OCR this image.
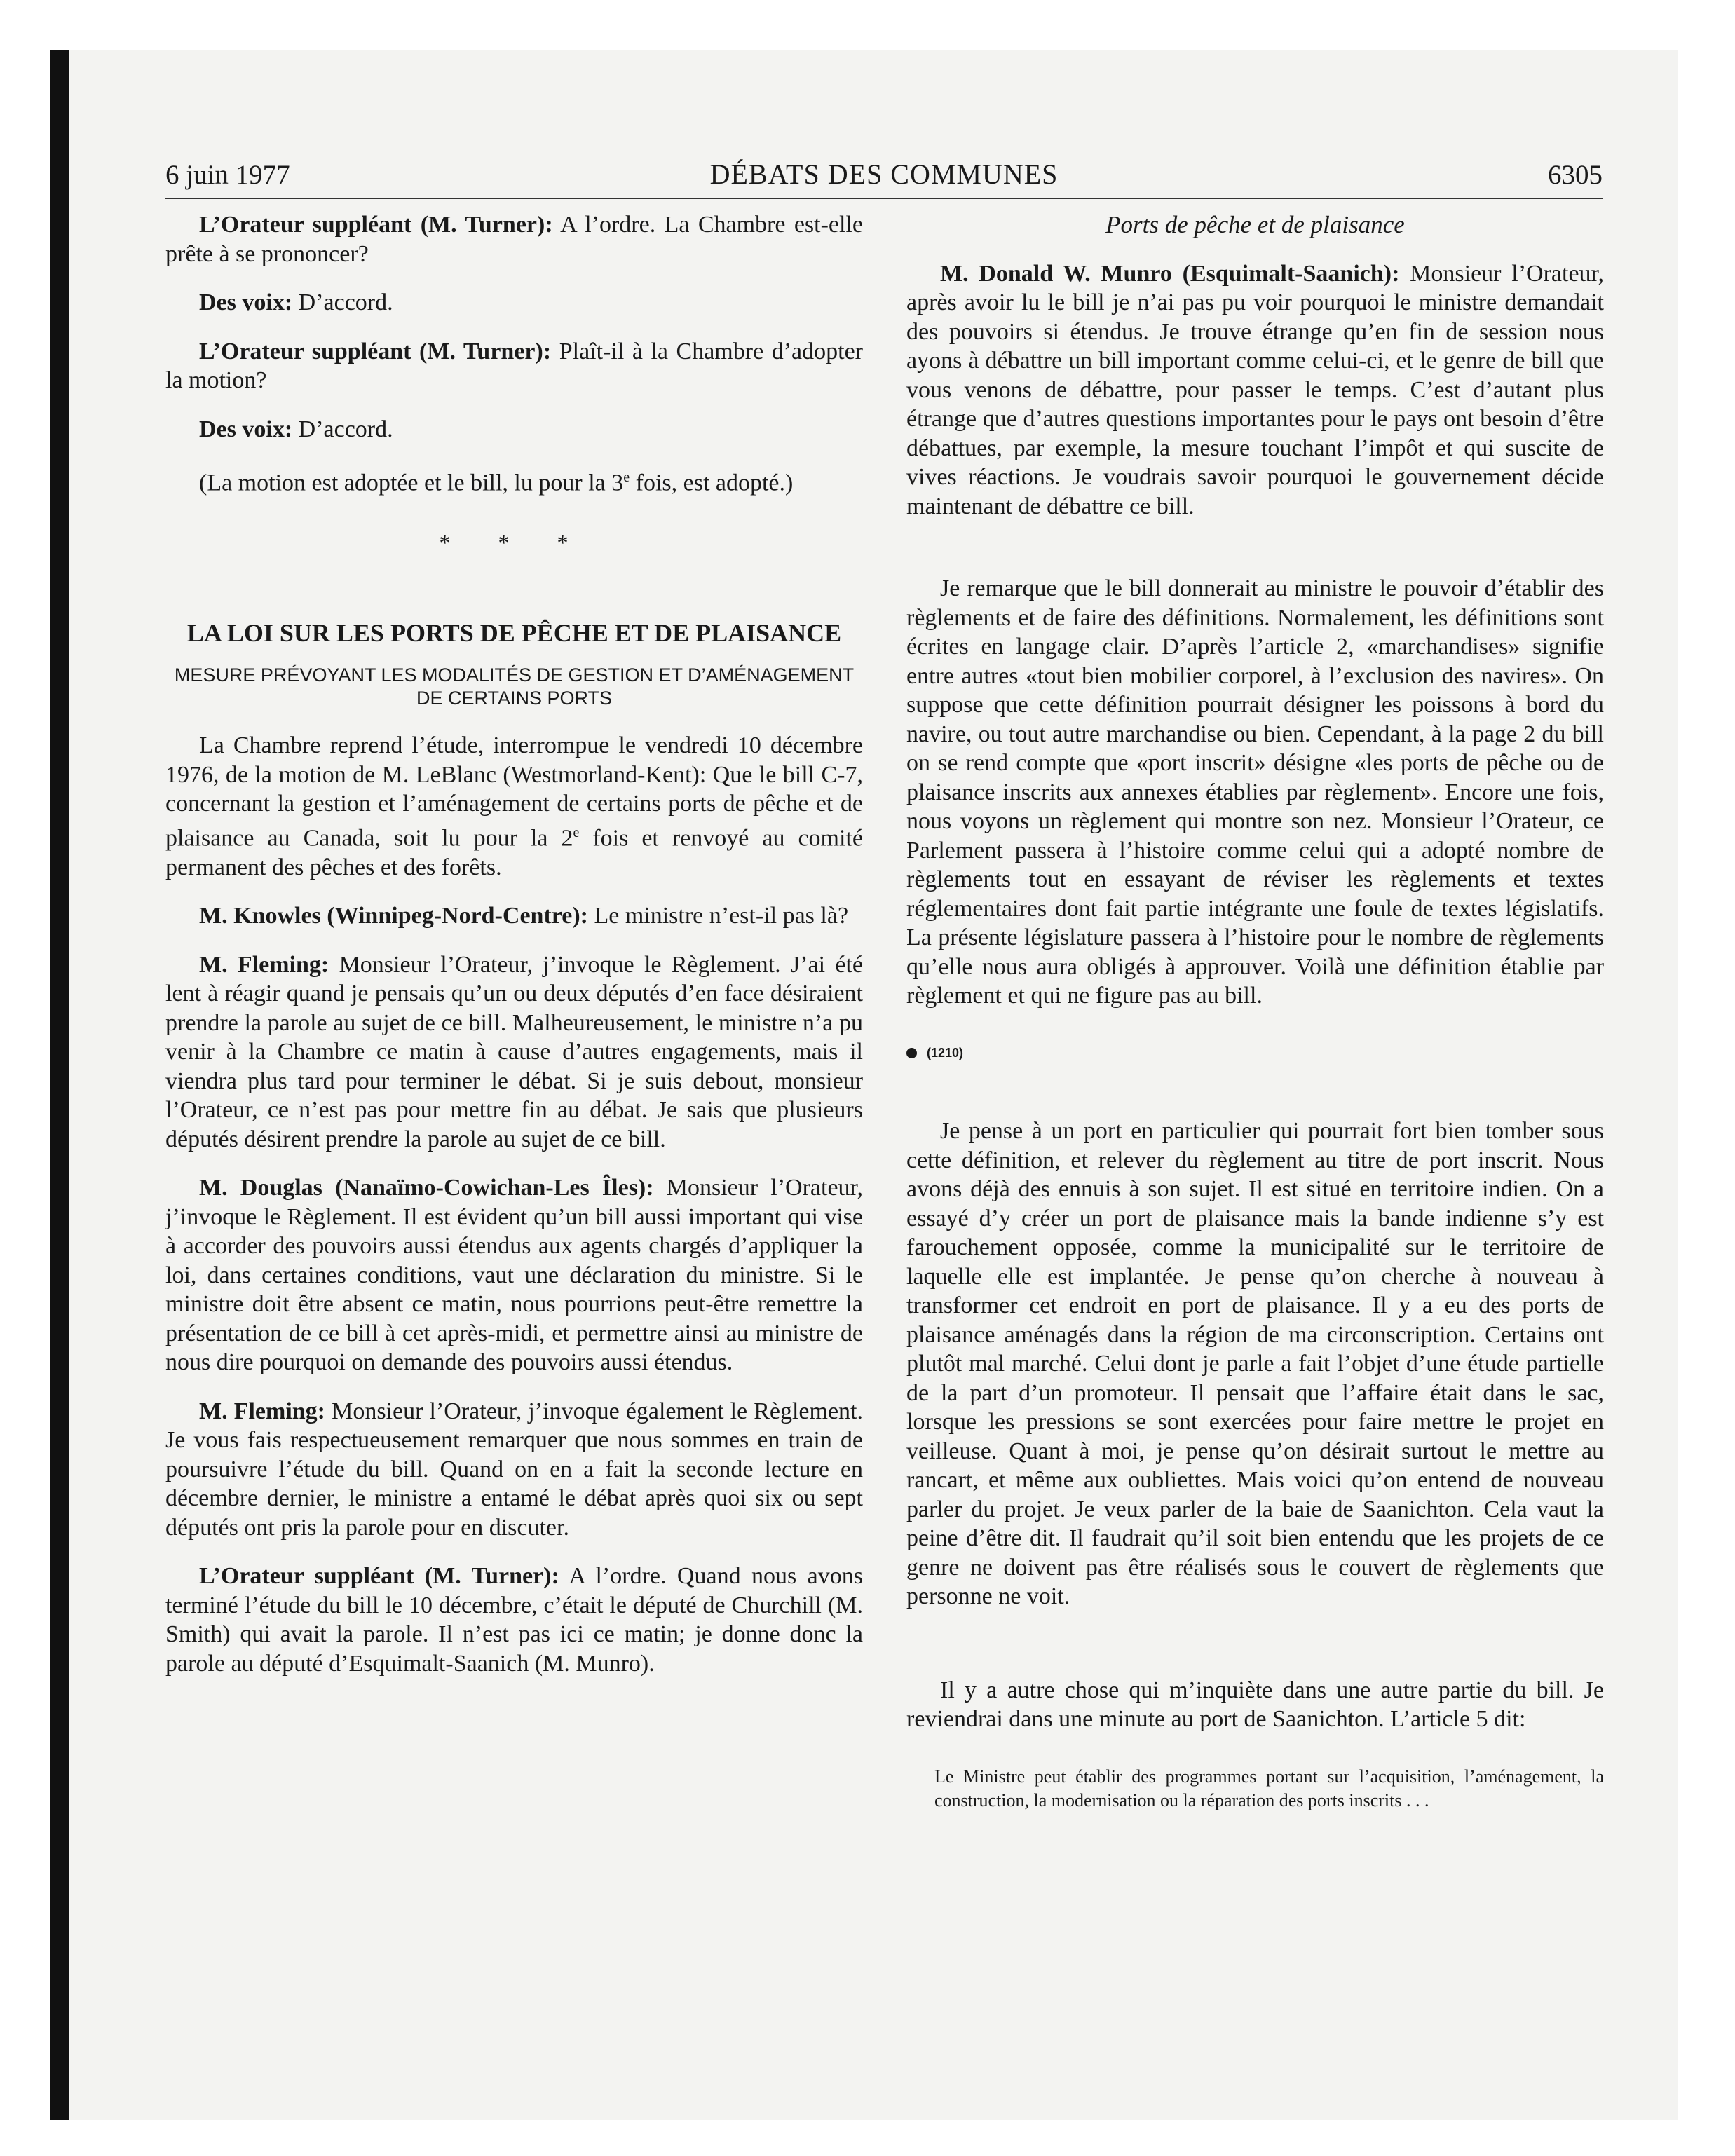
6 juin 1977	DÉBATS DES COMMUNES	6305

L’Orateur suppléant (M. Turner): A l’ordre. La Chambre est-elle prête à se prononcer?

Des voix: D’accord.

L’Orateur suppléant (M. Turner): Plaît-il à la Chambre d’adopter la motion?

Des voix: D’accord.

(La motion est adoptée et le bill, lu pour la 3e fois, est adopté.)

* * *
LA LOI SUR LES PORTS DE PÊCHE ET DE PLAISANCE
MESURE PRÉVOYANT LES MODALITÉS DE GESTION ET D’AMÉNAGEMENT DE CERTAINS PORTS

La Chambre reprend l’étude, interrompue le vendredi 10 décembre 1976, de la motion de M. LeBlanc (Westmorland-Kent): Que le bill C-7, concernant la gestion et l’aménagement de certains ports de pêche et de plaisance au Canada, soit lu pour la 2e fois et renvoyé au comité permanent des pêches et des forêts.

M. Knowles (Winnipeg-Nord-Centre): Le ministre n’est-il pas là?

M. Fleming: Monsieur l’Orateur, j’invoque le Règlement. J’ai été lent à réagir quand je pensais qu’un ou deux députés d’en face désiraient prendre la parole au sujet de ce bill. Malheureusement, le ministre n’a pu venir à la Chambre ce matin à cause d’autres engagements, mais il viendra plus tard pour terminer le débat. Si je suis debout, monsieur l’Orateur, ce n’est pas pour mettre fin au débat. Je sais que plusieurs députés désirent prendre la parole au sujet de ce bill.

M. Douglas (Nanaïmo-Cowichan-Les Îles): Monsieur l’Orateur, j’invoque le Règlement. Il est évident qu’un bill aussi important qui vise à accorder des pouvoirs aussi étendus aux agents chargés d’appliquer la loi, dans certaines conditions, vaut une déclaration du ministre. Si le ministre doit être absent ce matin, nous pourrions peut-être remettre la présentation de ce bill à cet après-midi, et permettre ainsi au ministre de nous dire pourquoi on demande des pouvoirs aussi étendus.

M. Fleming: Monsieur l’Orateur, j’invoque également le Règlement. Je vous fais respectueusement remarquer que nous sommes en train de poursuivre l’étude du bill. Quand on en a fait la seconde lecture en décembre dernier, le ministre a entamé le débat après quoi six ou sept députés ont pris la parole pour en discuter.

L’Orateur suppléant (M. Turner): A l’ordre. Quand nous avons terminé l’étude du bill le 10 décembre, c’était le député de Churchill (M. Smith) qui avait la parole. Il n’est pas ici ce matin; je donne donc la parole au député d’Esquimalt-Saanich (M. Munro).

Ports de pêche et de plaisance

M. Donald W. Munro (Esquimalt-Saanich): Monsieur l’Orateur, après avoir lu le bill je n’ai pas pu voir pourquoi le ministre demandait des pouvoirs si étendus. Je trouve étrange qu’en fin de session nous ayons à débattre un bill important comme celui-ci, et le genre de bill que vous venons de débattre, pour passer le temps. C’est d’autant plus étrange que d’autres questions importantes pour le pays ont besoin d’être débattues, par exemple, la mesure touchant l’impôt et qui suscite de vives réactions. Je voudrais savoir pourquoi le gouvernement décide maintenant de débattre ce bill.

Je remarque que le bill donnerait au ministre le pouvoir d’établir des règlements et de faire des définitions. Normalement, les définitions sont écrites en langage clair. D’après l’article 2, «marchandises» signifie entre autres «tout bien mobilier corporel, à l’exclusion des navires». On suppose que cette définition pourrait désigner les poissons à bord du navire, ou tout autre marchandise ou bien. Cependant, à la page 2 du bill on se rend compte que «port inscrit» désigne «les ports de pêche ou de plaisance inscrits aux annexes établies par règlement». Encore une fois, nous voyons un règlement qui montre son nez. Monsieur l’Orateur, ce Parlement passera à l’histoire comme celui qui a adopté nombre de règlements tout en essayant de réviser les règlements et textes réglementaires dont fait partie intégrante une foule de textes législatifs. La présente législature passera à l’histoire pour le nombre de règlements qu’elle nous aura obligés à approuver. Voilà une définition établie par règlement et qui ne figure pas au bill.

(1210)

Je pense à un port en particulier qui pourrait fort bien tomber sous cette définition, et relever du règlement au titre de port inscrit. Nous avons déjà des ennuis à son sujet. Il est situé en territoire indien. On a essayé d’y créer un port de plaisance mais la bande indienne s’y est farouchement opposée, comme la municipalité sur le territoire de laquelle elle est implantée. Je pense qu’on cherche à nouveau à transformer cet endroit en port de plaisance. Il y a eu des ports de plaisance aménagés dans la région de ma circonscription. Certains ont plutôt mal marché. Celui dont je parle a fait l’objet d’une étude partielle de la part d’un promoteur. Il pensait que l’affaire était dans le sac, lorsque les pressions se sont exercées pour faire mettre le projet en veilleuse. Quant à moi, je pense qu’on désirait surtout le mettre au rancart, et même aux oubliettes. Mais voici qu’on entend de nouveau parler du projet. Je veux parler de la baie de Saanichton. Cela vaut la peine d’être dit. Il faudrait qu’il soit bien entendu que les projets de ce genre ne doivent pas être réalisés sous le couvert de règlements que personne ne voit.

Il y a autre chose qui m’inquiète dans une autre partie du bill. Je reviendrai dans une minute au port de Saanichton. L’article 5 dit:

Le Ministre peut établir des programmes portant sur l’acquisition, l’aménagement, la construction, la modernisation ou la réparation des ports inscrits . . .
